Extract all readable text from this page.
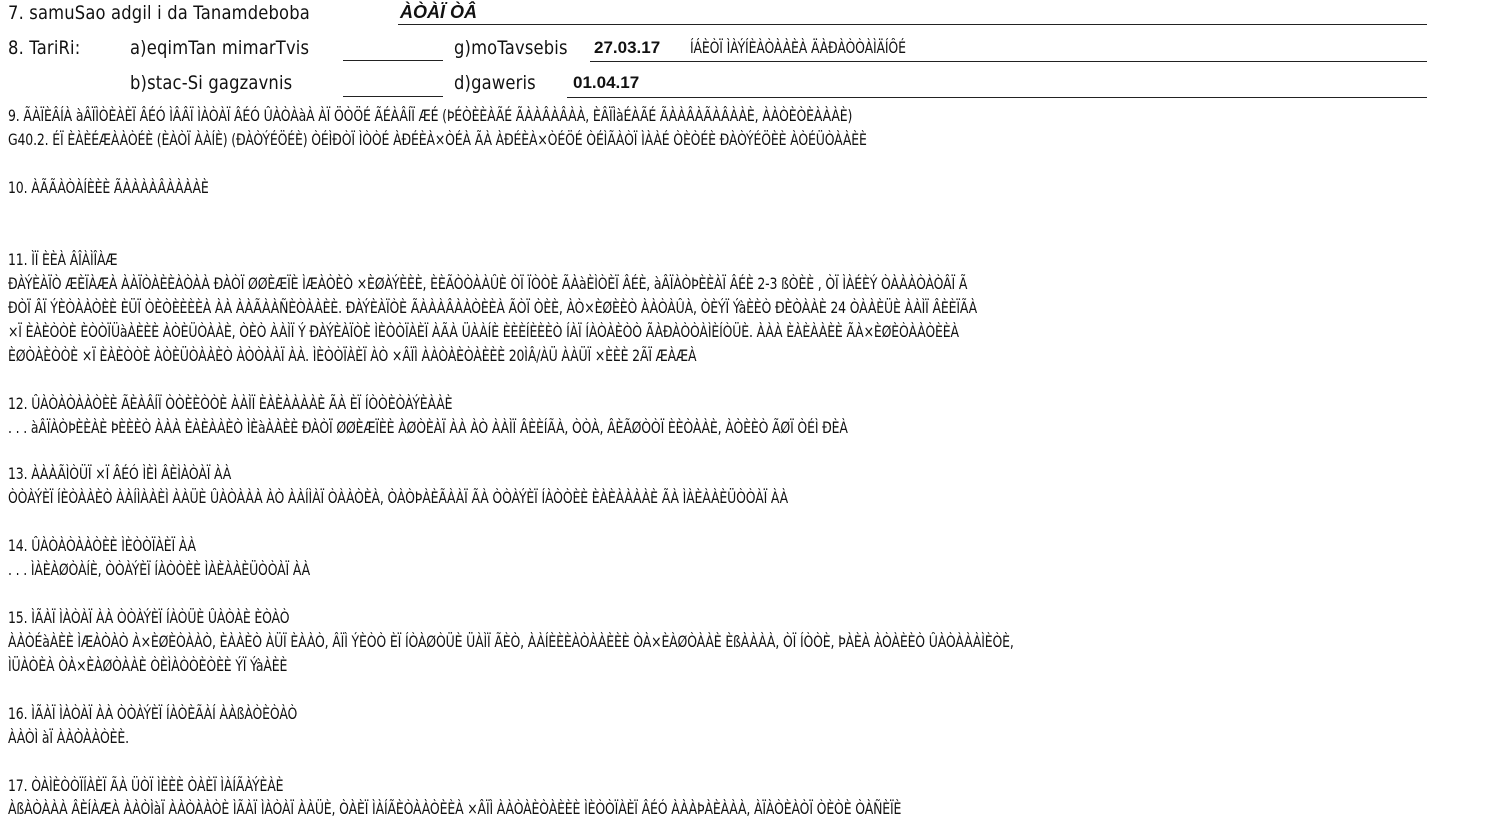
7. samuSao adgil i da Tanamdeboba	ÀÒÀÏ ÒÂ
8. TariRi:	a)eqimTan mimarTvis	g)moTavsebis 27.03.17 ÍÁÈÒÏ ÌÀÝÍÈÀÒÀÀÈÀ ÄÀÐÀÒÒÀÌÄÍÔÉ
b)stac-Si gagzavnis	d)gaweris 01.04.17
9. ÃÀÏÈÂÍÀ àÂÏÌÒÈÀÈÏ ÂÉÓ ÌÂÂÏ ÌÀÒÀÏ ÂÉÓ ÛÀÒÀàÀ ÀÏ ÖÒÖÉ ÃÉÀÂÍÏ ÆÉ (ÞÉÒÈÈÀÃÉ ÃÀÀÂÀÂÀÀ, ÈÂÏÌàÉÀÃÉ ÃÀÀÂÀÃÀÂÀÀÈ, ÀÀÒÈÒÈÀÀÀÈ)
G40.2. ÉÏ ÈÀÈÉÆÀÀÒÉÈ (ÈÀÒÏ ÀÀÍÈ) (ÐÀÒÝÉÖÉÈ) ÒÉÌÐÒÏ ÌÒÒÉ ÀÐÉÈÀ×ÒÉÀ ÃÀ ÀÐÉÈÀ×ÒÉÖÉ ÒÉÌÃÀÒÏ ÌÀÀÉ ÒÈÒÉÈ ÐÀÒÝÉÖÈÈ ÀÒÉÜÒÀÀÈÈ
10. ÀÃÃÀÒÀÍÈÈÈ ÃÀÀÀÀÂÀÀÀÀÈ
11. ÌÏ ÈÈÀ ÂÎÀÌÎÀÆ
ÐÀÝÈÀÏÒ ÆÈÏÀÆÀ ÀÀÏÒÀÈÈÀÒÀÀ ÐÀÒÏ ØØÈÆÏÈ ÌÆÀÒÈÒ ×ÈØÀÝÈÈÈ, ÈÈÃÒÒÀÀÛÈ ÒÏ ÏÒÒÈ ÃÀàÈÌÒÈÏ ÂÉÈ, àÂÏÀÒÞÈÈÀÏ ÂÉÈ 2-3 ßÒÈÈ , ÒÏ ÌÀÉÈÝ ÒÀÀÀÒÀÒÂÏ Ã
ÐÒÏ ÂÏ ÝÈÒÀÀÒÈÈ ÈÜÏ ÒÈÒÈÈÈÈÀ ÀÀ ÀÀÃÀÀÑÈÒÀÀÈÈ. ÐÀÝÈÀÏÒÈ ÃÀÀÀÂÀÀÒÈÈÀ ÃÒÏ ÒÈÈ, ÀÒ×ÈØÈÈÒ ÀÀÒÀÛÀ, ÒÈÝÏ ÝàÈÈÒ ÐÈÒÀÀÈ 24 ÒÀÀÈÜÈ ÀÀÌÏ ÂÈÈÏÃÀ
×Ï ÈÀÈÒÒÈ ÈÒÒÏÜàÀÈÈÈ ÀÒÈÜÒÀÀÈ, ÒÈÒ ÀÀÌÏ Ý ÐÀÝÈÀÏÒÈ ÌÈÒÒÏÀÈÏ ÀÃÀ ÜÀÀÍÈ ÈÈÈÍÈÈÈÒ ÍÀÏ ÍÀÒÀÈÒÒ ÃÀÐÀÒÒÀÌÈÍÒÜÈ. ÀÀÀ ÈÀÈÀÀÈÈ ÃÀ×ÈØÈÒÀÀÒÈÈÀ
ÈØÒÀÈÒÒÈ ×Ï ÈÀÈÒÒÈ ÀÒÈÜÒÀÀÈÒ ÀÒÒÀÀÏ ÀÀ. ÌÈÒÒÏÀÈÏ ÀÒ ×ÂÏÌ ÀÀÒÀÈÒÀÈÈÈ 20ÌÂ/ÀÜ ÀÀÜÏ ×ÈÈÈ 2ÃÏ ÆÀÆÀ
12. ÛÀÒÀÒÀÀÒÈÈ ÃÈÀÂÍÏ ÒÒÈÈÒÒÈ ÀÀÌÏ ÈÀÈÀÀÀÀÈ ÃÀ ÈÏ ÍÒÒÈÒÀÝÈÀÀÈ
. . . àÂÏÀÒÞÈÈÀÈ ÞÈÈÈÒ ÀÀÀ ÈÀÈÀÀÈÒ ÌÈàÀÀÈÈ ÐÀÒÏ ØØÈÆÏÈÈ ÀØÒÈÀÏ ÀÀ ÀÒ ÀÀÌÏ ÂÈÈÍÃÀ, ÒÒÀ, ÂÈÃØÒÒÏ ÈÈÒÀÀÈ, ÀÒÈÈÒ ÃØÏ ÒÉÌ ÐÈÀ
13. ÀÀÀÃÌÒÜÏ ×Ï ÂÉÓ ÌÈÌ ÂÈÌÀÒÀÏ ÀÀ
ÒÒÀÝÈÏ ÍÈÒÀÀÈÒ ÀÀÍÌÀÀÈÌ ÀÀÜÈ ÛÀÒÀÀÀ ÀÒ ÀÀÍÌÀÏ ÒÀÀÒÈÀ, ÒÀÒÞÀÈÃÀÀÏ ÃÀ ÒÒÀÝÈÏ ÍÀÒÒÈÈ ÈÀÈÀÀÀÀÈ ÃÀ ÌÀÈÀÀÈÜÒÒÀÏ ÀÀ
14. ÛÀÒÀÒÀÀÒÈÈ ÌÈÒÒÏÀÈÏ ÀÀ
. . . ÌÀÈÀØÒÀÍÈ, ÒÒÀÝÈÏ ÍÀÒÒÈÈ ÌÀÈÀÀÈÜÒÒÀÏ ÀÀ
15. ÌÃÀÏ ÌÀÒÀÏ ÀÀ ÒÒÀÝÈÏ ÍÀÒÜÈ ÛÀÒÀÈ ÈÒÀÒ
ÀÀÒÉàÀÈÈ ÌÆÀÒÀÒ À×ÈØÈÒÀÀÒ, ÈÀÀÈÒ ÀÜÏ ÈÀÀÒ, ÂÏÌ ÝÈÒÒ ÈÏ ÍÒÀØÒÜÈ ÜÀÌÏ ÃÈÒ, ÀÀÍÈÈÈÀÒÀÀÈÈÈ ÒÀ×ÈÀØÒÀÀÈ ÈßÀÀÀÀ, ÒÏ ÍÒÒÈ, ÞÀÈÀ ÀÒÀÈÈÒ ÛÀÒÀÀÀÌÈÒÈ,
ÌÜÀÒÈÀ ÒÀ×ÈÀØÒÀÀÈ ÒÈÌÀÒÒÈÒÈÈ ÝÏ ÝàÀÈÈ
16. ÌÃÀÏ ÌÀÒÀÏ ÀÀ ÒÒÀÝÈÏ ÍÀÒÈÃÀÍ ÀÀßÀÒÈÒÀÒ
ÀÀÒÌ àÏ ÀÀÒÀÀÒÈÈ.
17. ÒÀÌÈÒÒÏÍÀÈÏ ÃÀ ÜÒÏ ÌÈÈÈ ÒÀÈÏ ÌÀÍÃÀÝÈÀÈ
ÀßÀÒÀÀÀ ÂÈÍÀÆÀ ÀÀÒÌàÏ ÀÀÒÀÀÒÈ ÌÃÀÏ ÌÀÒÀÏ ÀÀÜÈ, ÒÀÈÏ ÌÀÍÃÈÒÀÀÒÈÈÀ ×ÂÏÌ ÀÀÒÀÈÒÀÈÈÈ ÌÈÒÒÏÀÈÏ ÂÉÓ ÀÀÀÞÀÈÀÀÀ, ÀÏÀÒÈÀÒÏ ÒÈÒÈ ÒÀÑÈÏÈ
